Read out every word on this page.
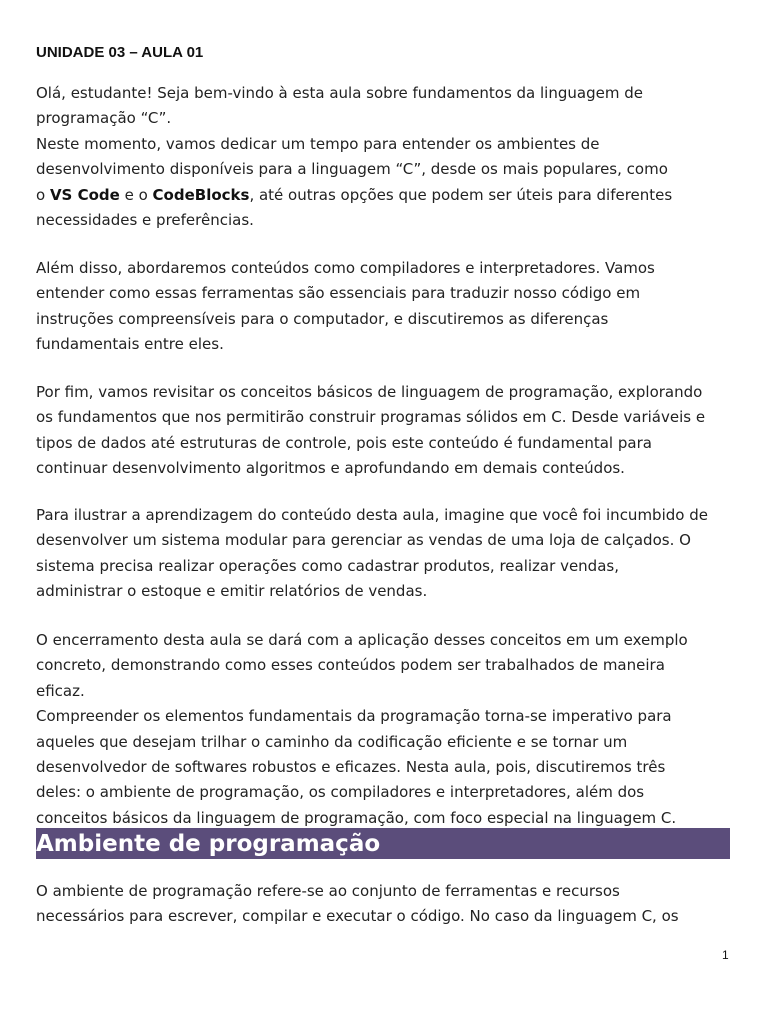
UNIDADE 03 – AULA 01

Olá, estudante! Seja bem-vindo à esta aula sobre fundamentos da linguagem de
programação “C”.
Neste momento, vamos dedicar um tempo para entender os ambientes de
desenvolvimento disponíveis para a linguagem “C”, desde os mais populares, como
o VS Code e o CodeBlocks, até outras opções que podem ser úteis para diferentes
necessidades e preferências.

Além disso, abordaremos conteúdos como compiladores e interpretadores. Vamos
entender como essas ferramentas são essenciais para traduzir nosso código em
instruções compreensíveis para o computador, e discutiremos as diferenças
fundamentais entre eles.

Por fim, vamos revisitar os conceitos básicos de linguagem de programação, explorando
os fundamentos que nos permitirão construir programas sólidos em C. Desde variáveis e
tipos de dados até estruturas de controle, pois este conteúdo é fundamental para
continuar desenvolvimento algoritmos e aprofundando em demais conteúdos.

Para ilustrar a aprendizagem do conteúdo desta aula, imagine que você foi incumbido de
desenvolver um sistema modular para gerenciar as vendas de uma loja de calçados. O
sistema precisa realizar operações como cadastrar produtos, realizar vendas,
administrar o estoque e emitir relatórios de vendas.

O encerramento desta aula se dará com a aplicação desses conceitos em um exemplo
concreto, demonstrando como esses conteúdos podem ser trabalhados de maneira
eficaz.
Compreender os elementos fundamentais da programação torna-se imperativo para
aqueles que desejam trilhar o caminho da codificação eficiente e se tornar um
desenvolvedor de softwares robustos e eficazes. Nesta aula, pois, discutiremos três
deles: o ambiente de programação, os compiladores e interpretadores, além dos
conceitos básicos da linguagem de programação, com foco especial na linguagem C.

Ambiente de programação

O ambiente de programação refere-se ao conjunto de ferramentas e recursos
necessários para escrever, compilar e executar o código. No caso da linguagem C, os

1
